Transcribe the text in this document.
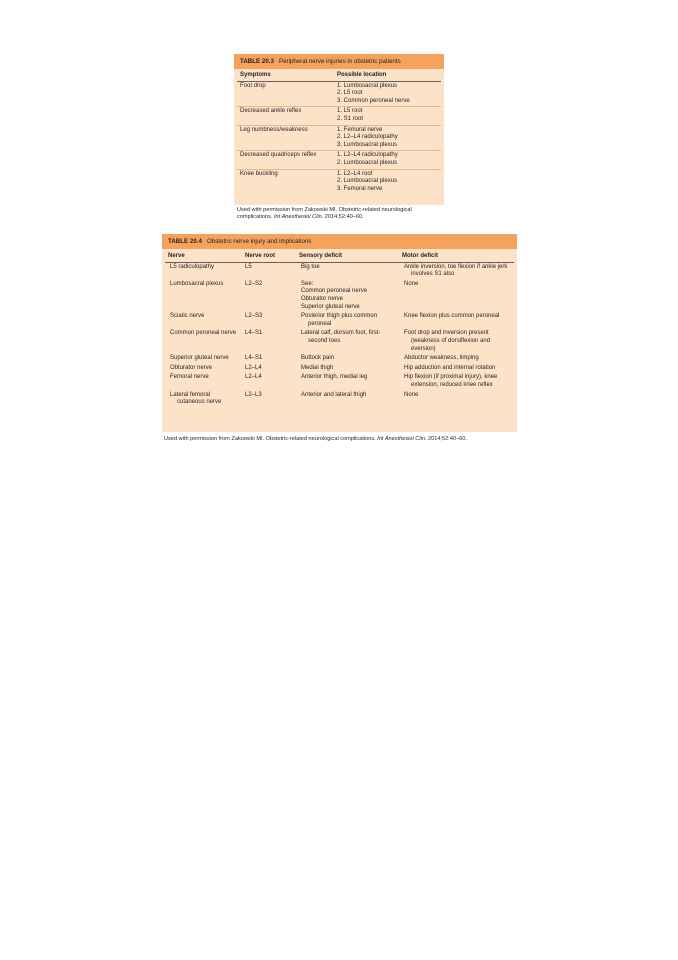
TABLE 20.3 Peripheral nerve injuries in obstetric patients
Symptoms	Possible location
Foot drop	1. Lumbosacral plexus
2. L5 root
3. Common peroneal nerve

Decreased ankle reflex	1. L5 root
2. S1 root

Leg numbness/weakness	1. Femoral nerve
2. L2–L4 radiculopathy
3. Lumbosacral plexus

Decreased quadriceps reflex	1. L2–L4 radiculopathy
2. Lumbosacral plexus

Knee buckling	1. L2–L4 root
2. Lumbosacral plexus
3. Femoral nerve
Used with permission from Zakowski MI. Obstetric-related neurological complications. Int Anesthesiol Clin. 2014;52:40–60.
TABLE 20.4 Obstetric nerve injury and implications
Nerve	Nerve root	Sensory deficit	Motor deficit

L5 radiculopathy	L5	Big toe	Ankle inversion, toe flexion if ankle jerk involves S1 also

Lumbosacral plexus	L2–S2	See:
Common peroneal nerve
Obturator nerve
Superior gluteal nerve	None

Sciatic nerve	L2–S3	Posterior thigh plus common peroneal	Knee flexion plus common peroneal

Common peroneal nerve	L4–S1	Lateral calf, dorsum foot, first-second toes	Foot drop and inversion present (weakness of dorsiflexion and eversion)

Superior gluteal nerve	L4–S1	Buttock pain	Abductor weakness, limping

Obturator nerve	L2–L4	Medial thigh	Hip adduction and internal rotation

Femoral nerve	L2–L4	Anterior thigh, medial leg	Hip flexion (if proximal injury), knee extension, reduced knee reflex

Lateral femoral cutaneous nerve	L2–L3	Anterior and lateral thigh	None
Used with permission from Zakowski MI. Obstetric-related neurological complications. Int Anesthesiol Clin. 2014;52:40–60.
